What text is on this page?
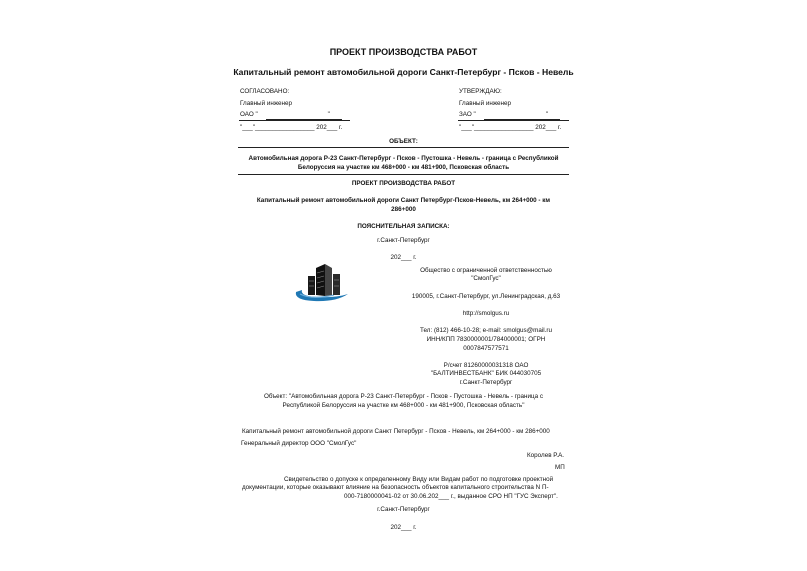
ПРОЕКТ ПРОИЗВОДСТВА РАБОТ
Капитальный ремонт автомобильной дороги Санкт-Петербург - Псков - Невель
СОГЛАСОВАНО:
Главный инженер
ОАО "                                        "
"___"_________________ 202___ г.
УТВЕРЖДАЮ:
Главный инженер
ЗАО "                                        "
"___"_________________ 202___ г.
ОБЪЕКТ:
Автомобильная дорога Р-23 Санкт-Петербург - Псков - Пустошка - Невель - граница с Республикой
Белоруссия на участке км 468+000 - км 481+900, Псковская область
ПРОЕКТ ПРОИЗВОДСТВА РАБОТ
Капитальный ремонт автомобильной дороги Санкт Петербург-Псков-Невель, км 264+000 - км
286+000
ПОЯСНИТЕЛЬНАЯ ЗАПИСКА:
г.Санкт-Петербург
202___ г.
Общество с ограниченной ответственностью
"СмолГус"
190005, г.Санкт-Петербург, ул.Ленинградская, д.63
http://smolgus.ru
Тел: (812) 466-10-28; e-mail: smolgus@mail.ru
ИНН/КПП 7830000001/784000001; ОГРН
0007847577571
Р/счет 81260000031318 ОАО
"БАЛТИНВЕСТБАНК" БИК 044030705
г.Санкт-Петербург
Объект: "Автомобильная дорога Р-23 Санкт-Петербург - Псков - Пустошка - Невель - граница с
Республикой Белоруссия на участке км 468+000 - км 481+900, Псковская область"
Капитальный ремонт автомобильной дороги Санкт Петербург - Псков - Невель, км 264+000 - км 286+000
Генеральный директор ООО "СмолГус"
Королев Р.А.
МП
Свидетельство о допуске к определенному Виду или Видам работ по подготовке проектной
документации, которые оказывают влияние на безопасность объектов капитального строительства N П-
000-7180000041-02 от 30.06.202___ г., выданное СРО НП "ГУС Эксперт".
г.Санкт-Петербург
202___ г.
